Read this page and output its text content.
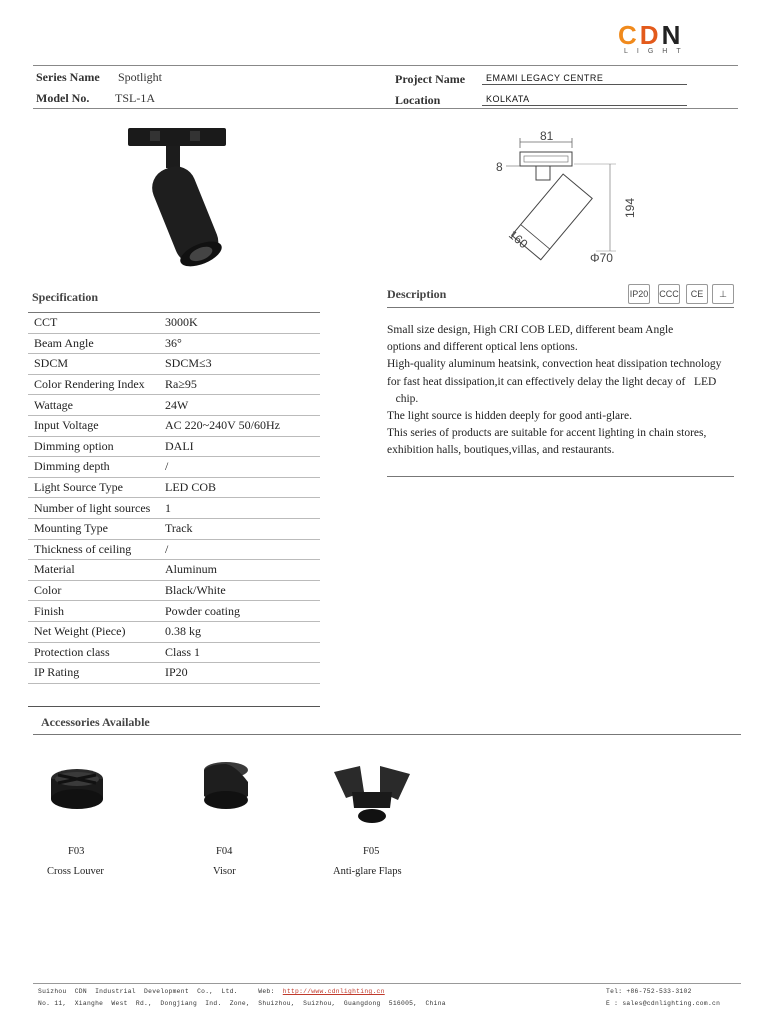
CDN
LIGHT
Series Name Spotlight
Model No. TSL-1A
Project Name EMAMI LEGACY CENTRE
Location	KOLKATA
81
8
194
160
Φ70
Specification
CCT	3000K
Beam Angle	36°
SDCM	SDCM≤3
Color Rendering Index	Ra≥95
Wattage	24W
Input Voltage	AC 220~240V 50/60Hz
Dimming option	DALI
Dimming depth	/
Light Source Type	LED COB
Number of light sources	1
Mounting Type	Track
Thickness of ceiling	/
Material	Aluminum
Color	Black/White
Finish	Powder coating
Net Weight (Piece)	0.38 kg
Protection class	Class 1
IP Rating	IP20
Description	IP20 CCC	CE	⊥

Small size design, High CRI COB LED, different beam Angle

options and different optical lens options.

High-quality aluminum heatsink, convection heat dissipation technology

for fast heat dissipation,it can effectively delay the light decay of   LED

chip.

The light source is hidden deeply for good anti-glare.

This series of products are suitable for accent lighting in chain stores,

exhibition halls, boutiques,villas, and restaurants.

Accessories Available
F03
Cross Louver
F04
Visor
F05
Anti-glare Flaps
Suizhou  CDN  Industrial  Development  Co.,  Ltd.	Web:  http://www.cdnlighting.cn
No. 11,  Xianghe  West  Rd.,  Dongjiang  Ind.  Zone,  Shuizhou,  Suizhou,  Guangdong  516005,  China
Tel: +86-752-533-3102
E : sales@cdnlighting.com.cn
